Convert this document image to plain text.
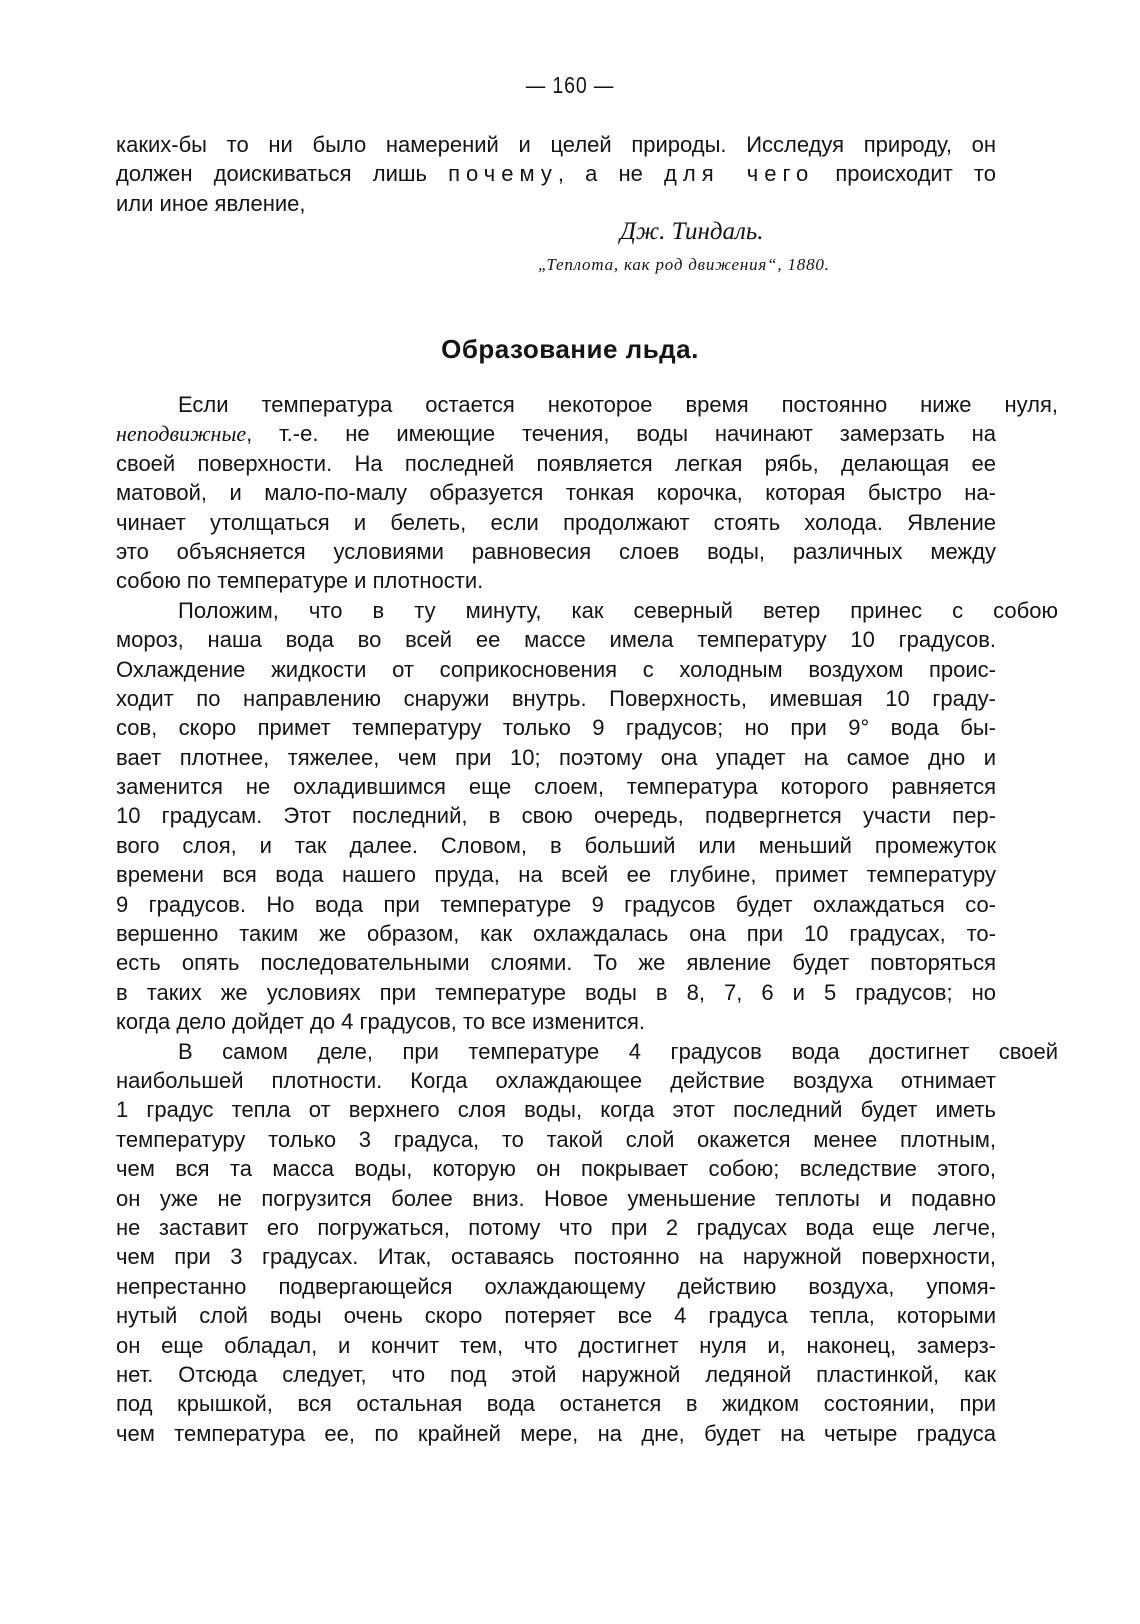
— 160 —
каких-бы то ни было намерений и целей природы. Исследуя природу, он
должен доискиваться лишь почему, а не для чего происходит то
или иное явление,
Дж. Тиндаль.
„Теплота, как род движения“, 1880.
Образование льда.
Если температура остается некоторое время постоянно ниже нуля,
неподвижные, т.-е. не имеющие течения, воды начинают замерзать на
своей поверхности. На последней появляется легкая рябь, делающая ее
матовой, и мало-по-малу образуется тонкая корочка, которая быстро на-
чинает утолщаться и белеть, если продолжают стоять холода. Явление
это объясняется условиями равновесия слоев воды, различных между
собою по температуре и плотности.
Положим, что в ту минуту, как северный ветер принес с собою
мороз, наша вода во всей ее массе имела температуру 10 градусов.
Охлаждение жидкости от соприкосновения с холодным воздухом проис-
ходит по направлению снаружи внутрь. Поверхность, имевшая 10 граду-
сов, скоро примет температуру только 9 градусов; но при 9° вода бы-
вает плотнее, тяжелее, чем при 10; поэтому она упадет на самое дно и
заменится не охладившимся еще слоем, температура которого равняется
10 градусам. Этот последний, в свою очередь, подвергнется участи пер-
вого слоя, и так далее. Словом, в больший или меньший промежуток
времени вся вода нашего пруда, на всей ее глубине, примет температуру
9 градусов. Но вода при температуре 9 градусов будет охлаждаться со-
вершенно таким же образом, как охлаждалась она при 10 градусах, то-
есть опять последовательными слоями. То же явление будет повторяться
в таких же условиях при температуре воды в 8, 7, 6 и 5 градусов; но
когда дело дойдет до 4 градусов, то все изменится.
В самом деле, при температуре 4 градусов вода достигнет своей
наибольшей плотности. Когда охлаждающее действие воздуха отнимает
1 градус тепла от верхнего слоя воды, когда этот последний будет иметь
температуру только 3 градуса, то такой слой окажется менее плотным,
чем вся та масса воды, которую он покрывает собою; вследствие этого,
он уже не погрузится более вниз. Новое уменьшение теплоты и подавно
не заставит его погружаться, потому что при 2 градусах вода еще легче,
чем при 3 градусах. Итак, оставаясь постоянно на наружной поверхности,
непрестанно подвергающейся охлаждающему действию воздуха, упомя-
нутый слой воды очень скоро потеряет все 4 градуса тепла, которыми
он еще обладал, и кончит тем, что достигнет нуля и, наконец, замерз-
нет. Отсюда следует, что под этой наружной ледяной пластинкой, как
под крышкой, вся остальная вода останется в жидком состоянии, при
чем температура ее, по крайней мере, на дне, будет на четыре градуса
